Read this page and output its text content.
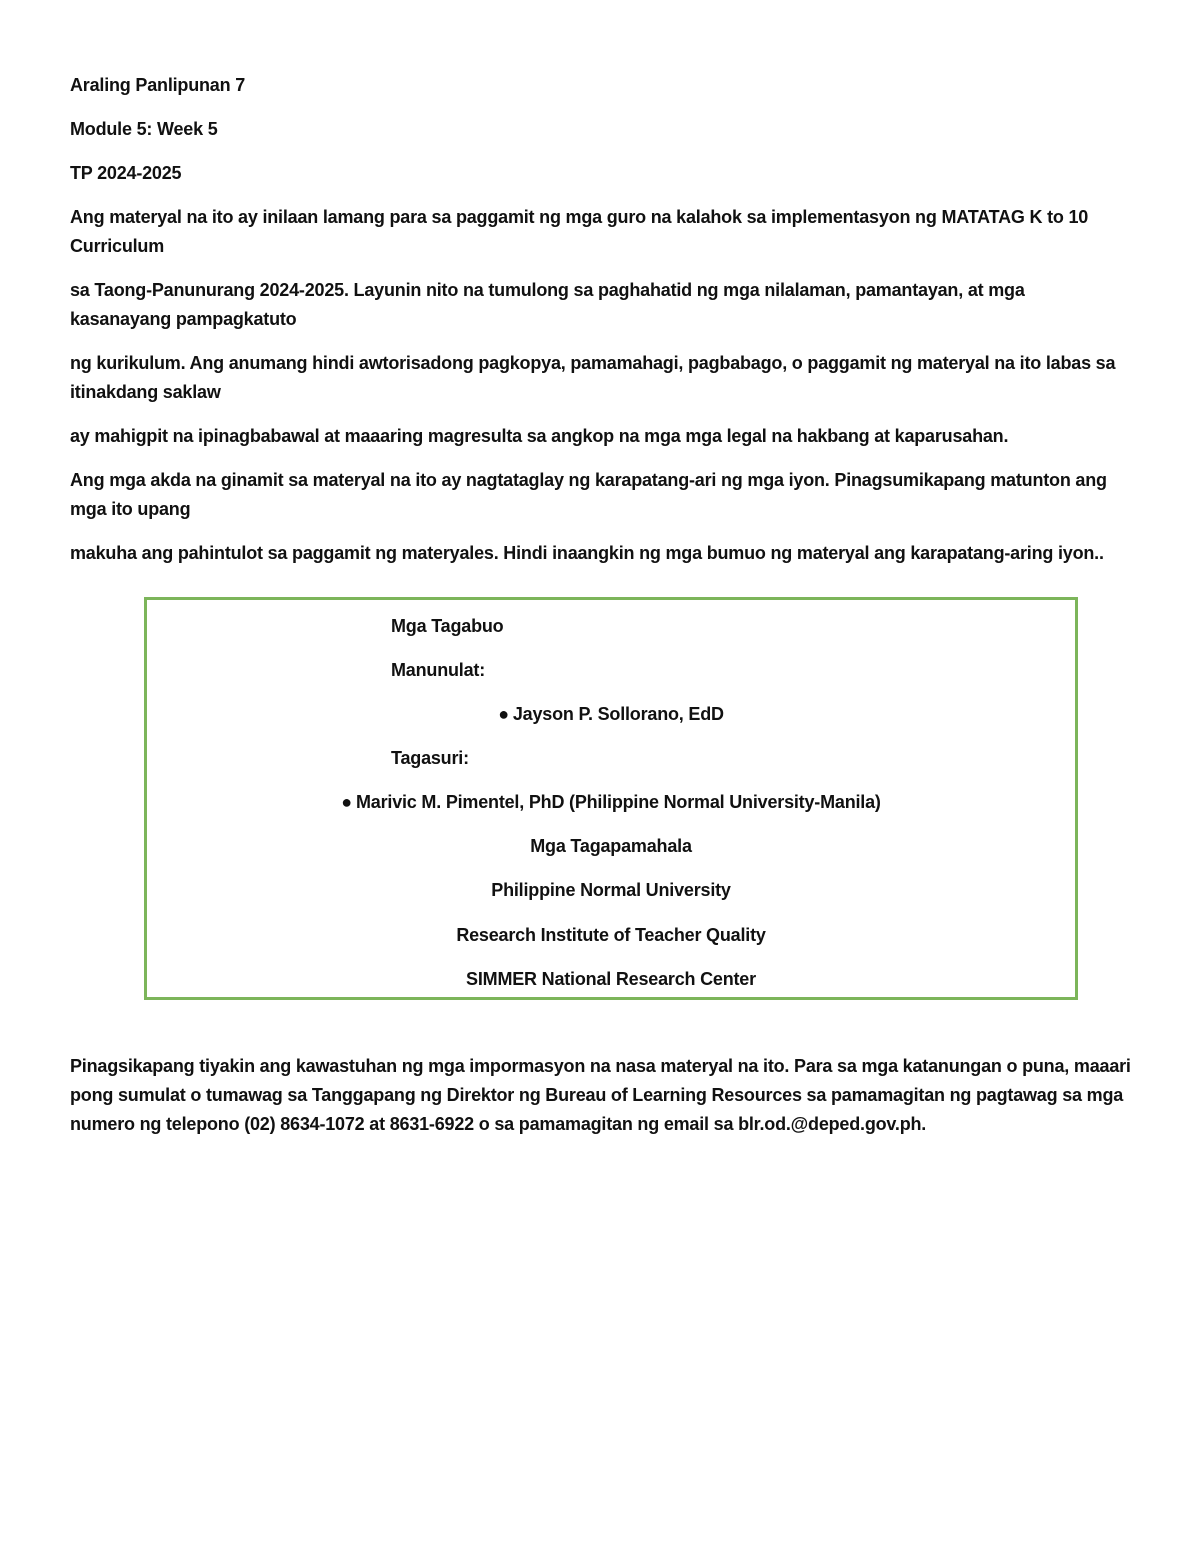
Araling Panlipunan 7

Module 5: Week 5

TP 2024-2025

Ang materyal na ito ay inilaan lamang para sa paggamit ng mga guro na kalahok sa implementasyon ng MATATAG K to 10 Curriculum

sa Taong-Panunurang 2024-2025. Layunin nito na tumulong sa paghahatid ng mga nilalaman, pamantayan, at mga kasanayang pampagkatuto

ng kurikulum. Ang anumang hindi awtorisadong pagkopya, pamamahagi, pagbabago, o paggamit ng materyal na ito labas sa itinakdang saklaw

ay mahigpit na ipinagbabawal at maaaring magresulta sa angkop na mga mga legal na hakbang at kaparusahan.

Ang mga akda na ginamit sa materyal na ito ay nagtataglay ng karapatang-ari ng mga iyon. Pinagsumikapang matunton ang mga ito upang

makuha ang pahintulot sa paggamit ng materyales. Hindi inaangkin ng mga bumuo ng materyal ang karapatang-aring iyon..

Mga Tagabuo
Manunulat:
● Jayson P. Sollorano, EdD
Tagasuri:
● Marivic M. Pimentel, PhD (Philippine Normal University-Manila)
Mga Tagapamahala
Philippine Normal University
Research Institute of Teacher Quality
SIMMER National Research Center
Pinagsikapang tiyakin ang kawastuhan ng mga impormasyon na nasa materyal na ito. Para sa mga katanungan o puna, maaari pong sumulat o tumawag sa Tanggapang ng Direktor ng Bureau of Learning Resources sa pamamagitan ng pagtawag sa mga numero ng telepono (02) 8634-1072 at 8631-6922 o sa pamamagitan ng email sa blr.od.@deped.gov.ph.
